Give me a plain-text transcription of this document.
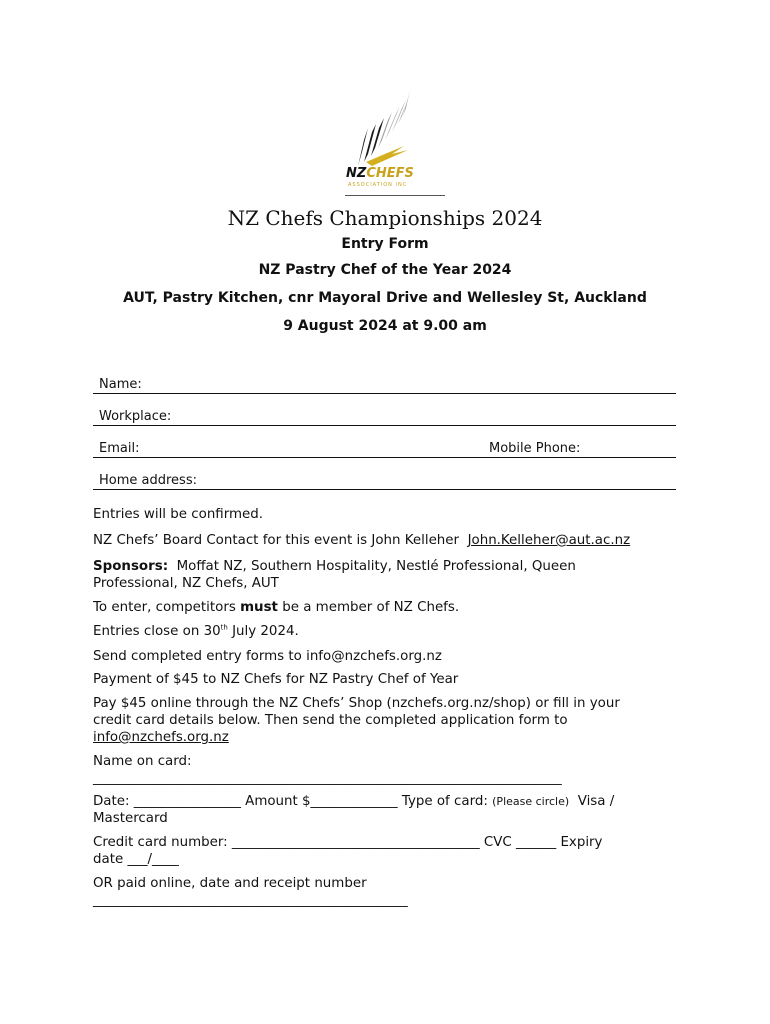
NZCHEFS
ASSOCIATION INC
NZ Chefs Championships 2024
Entry Form
NZ Pastry Chef of the Year 2024
AUT, Pastry Kitchen, cnr Mayoral Drive and Wellesley St, Auckland
9 August 2024 at 9.00 am
Name:
Workplace:
Email:	Mobile Phone:
Home address:
Entries will be confirmed.
NZ Chefs’ Board Contact for this event is John Kelleher John.Kelleher@aut.ac.nz
Sponsors: Moffat NZ, Southern Hospitality, Nestlé Professional, Queen
Professional, NZ Chefs, AUT
To enter, competitors must be a member of NZ Chefs.
Entries close on 30th July 2024.
Send completed entry forms to info@nzchefs.org.nz
Payment of $45 to NZ Chefs for NZ Pastry Chef of Year
Pay $45 online through the NZ Chefs’ Shop (nzchefs.org.nz/shop) or fill in your
credit card details below. Then send the completed application form to
info@nzchefs.org.nz
Name on card:
______________________________________________________________________
Date: ________________ Amount $_____________ Type of card: (Please circle) Visa /
Mastercard
Credit card number: _____________________________________ CVC ______ Expiry
date ___/____
OR paid online, date and receipt number
_______________________________________________
